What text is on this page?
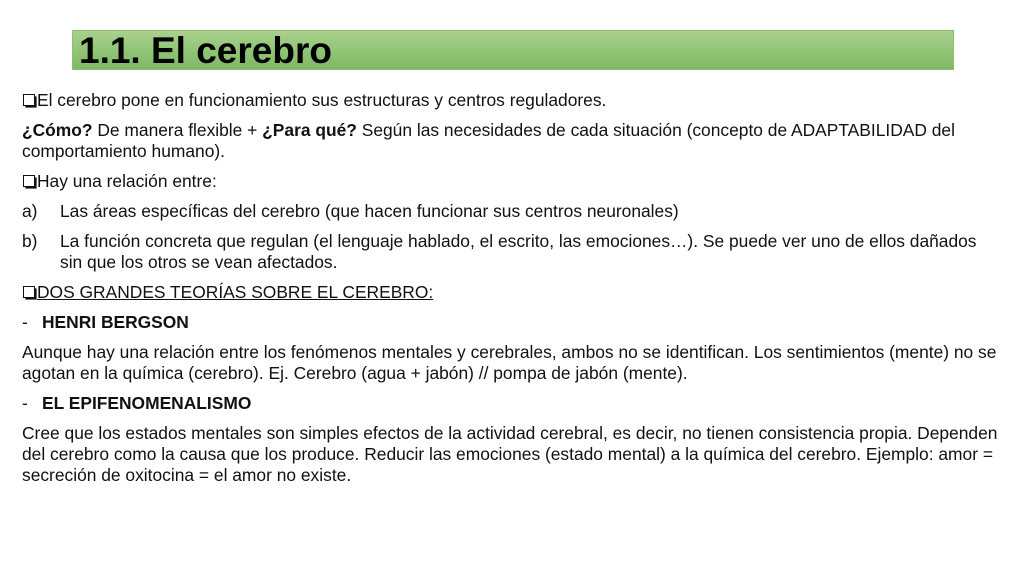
1.1. El cerebro
El cerebro pone en funcionamiento sus estructuras y centros reguladores.
¿Cómo? De manera flexible + ¿Para qué? Según las necesidades de cada situación (concepto de ADAPTABILIDAD del comportamiento humano).
Hay una relación entre:
a)	Las áreas específicas del cerebro (que hacen funcionar sus centros neuronales)
b)	La función concreta que regulan (el lenguaje hablado, el escrito, las emociones…). Se puede ver uno de ellos dañados sin que los otros se vean afectados.
DOS GRANDES TEORÍAS SOBRE EL CEREBRO:
- HENRI BERGSON
Aunque hay una relación entre los fenómenos mentales y cerebrales, ambos no se identifican. Los sentimientos (mente) no se agotan en la química (cerebro). Ej. Cerebro (agua + jabón) // pompa de jabón (mente).
- EL EPIFENOMENALISMO
Cree que los estados mentales son simples efectos de la actividad cerebral, es decir, no tienen consistencia propia. Dependen del cerebro como la causa que los produce. Reducir las emociones (estado mental) a la química del cerebro. Ejemplo: amor = secreción de oxitocina = el amor no existe.
